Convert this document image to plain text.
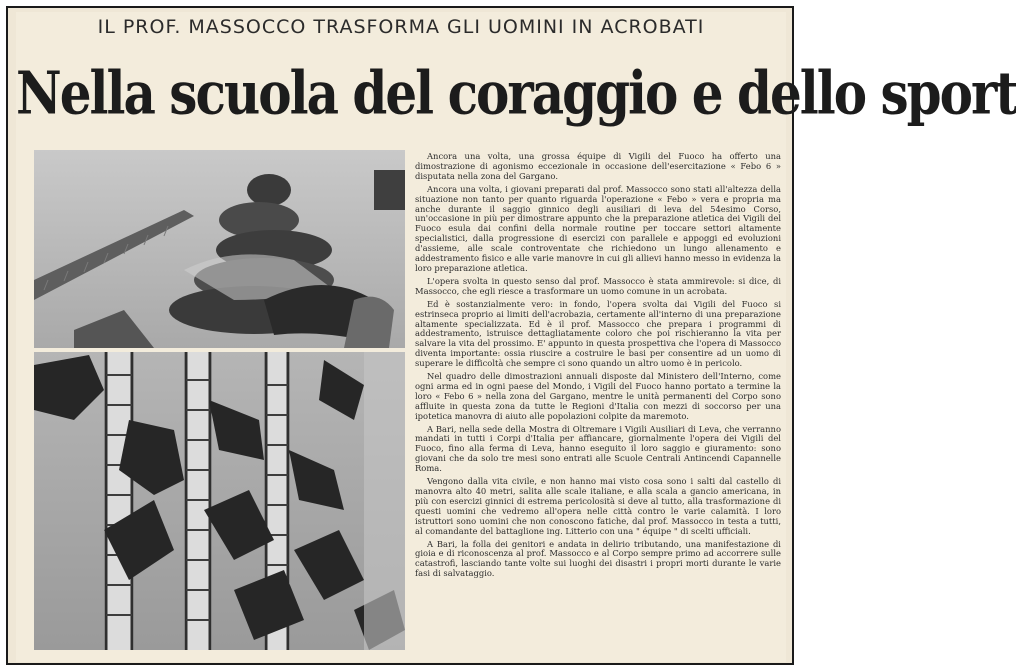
IL PROF. MASSOCCO TRASFORMA GLI UOMINI IN ACROBATI
Nella scuola del coraggio e dello sport

Ancora una volta, una grossa équipe di Vigili del Fuoco ha offerto una dimostrazione di agonismo eccezionale in occasione dell'esercitazione « Febo 6 » disputata nella zona del Gargano.

Ancora una volta, i giovani preparati dal prof. Massocco sono stati all'altezza della situazione non tanto per quanto riguarda l'operazione « Febo » vera e propria ma anche durante il saggio ginnico degli ausiliari di leva del 54esimo Corso, un'occasione in più per dimostrare appunto che la preparazione atletica dei Vigili del Fuoco esula dai confini della normale routine per toccare settori altamente specialistici, dalla progressione di esercizi con parallele e appoggi ed evoluzioni d'assieme, alle scale controventate che richiedono un lungo allenamento e addestramento fisico e alle varie manovre in cui gli allievi hanno messo in evidenza la loro preparazione atletica.

L'opera svolta in questo senso dal prof. Massocco è stata ammirevole: si dice, di Massocco, che egli riesce a trasformare un uomo comune in un acrobata.

Ed è sostanzialmente vero: in fondo, l'opera svolta dai Vigili del Fuoco si estrinseca proprio ai limiti dell'acrobazia, certamente all'interno di una preparazione altamente specializzata. Ed è il prof. Massocco che prepara i programmi di addestramento, istruisce dettagliatamente coloro che poi rischieranno la vita per salvare la vita del prossimo. E' appunto in questa prospettiva che l'opera di Massocco diventa importante: ossia riuscire a costruire le basi per consentire ad un uomo di superare le difficoltà che sempre ci sono quando un altro uomo è in pericolo.

Nel quadro delle dimostrazioni annuali disposte dal Ministero dell'Interno, come ogni arma ed in ogni paese del Mondo, i Vigili del Fuoco hanno portato a termine la loro « Febo 6 » nella zona del Gargano, mentre le unità permanenti del Corpo sono affluite in questa zona da tutte le Regioni d'Italia con mezzi di soccorso per una ipotetica manovra di aiuto alle popolazioni colpite da maremoto.

A Bari, nella sede della Mostra di Oltremare i Vigili Ausiliari di Leva, che verranno mandati in tutti i Corpi d'Italia per affiancare, giornalmente l'opera dei Vigili del Fuoco, fino alla ferma di Leva, hanno eseguito il loro saggio e giuramento: sono giovani che da solo tre mesi sono entrati alle Scuole Centrali Antincendi Capannelle Roma.

Vengono dalla vita civile, e non hanno mai visto cosa sono i salti dal castello di manovra alto 40 metri, salita alle scale italiane, e alla scala a gancio americana, in più con esercizi ginnici di estrema pericolosità si deve al tutto, alla trasformazione di questi uomini che vedremo all'opera nelle città contro le varie calamità. I loro istruttori sono uomini che non conoscono fatiche, dal prof. Massocco in testa a tutti, al comandante del battaglione ing. Litterio con una " équipe " di scelti ufficiali.

A Bari, la folla dei genitori e andata in delirio tributando, una manifestazione di gioia e di riconoscenza al prof. Massocco e al Corpo sempre primo ad accorrere sulle catastrofi, lasciando tante volte sui luoghi dei disastri i propri morti durante le varie fasi di salvataggio.
